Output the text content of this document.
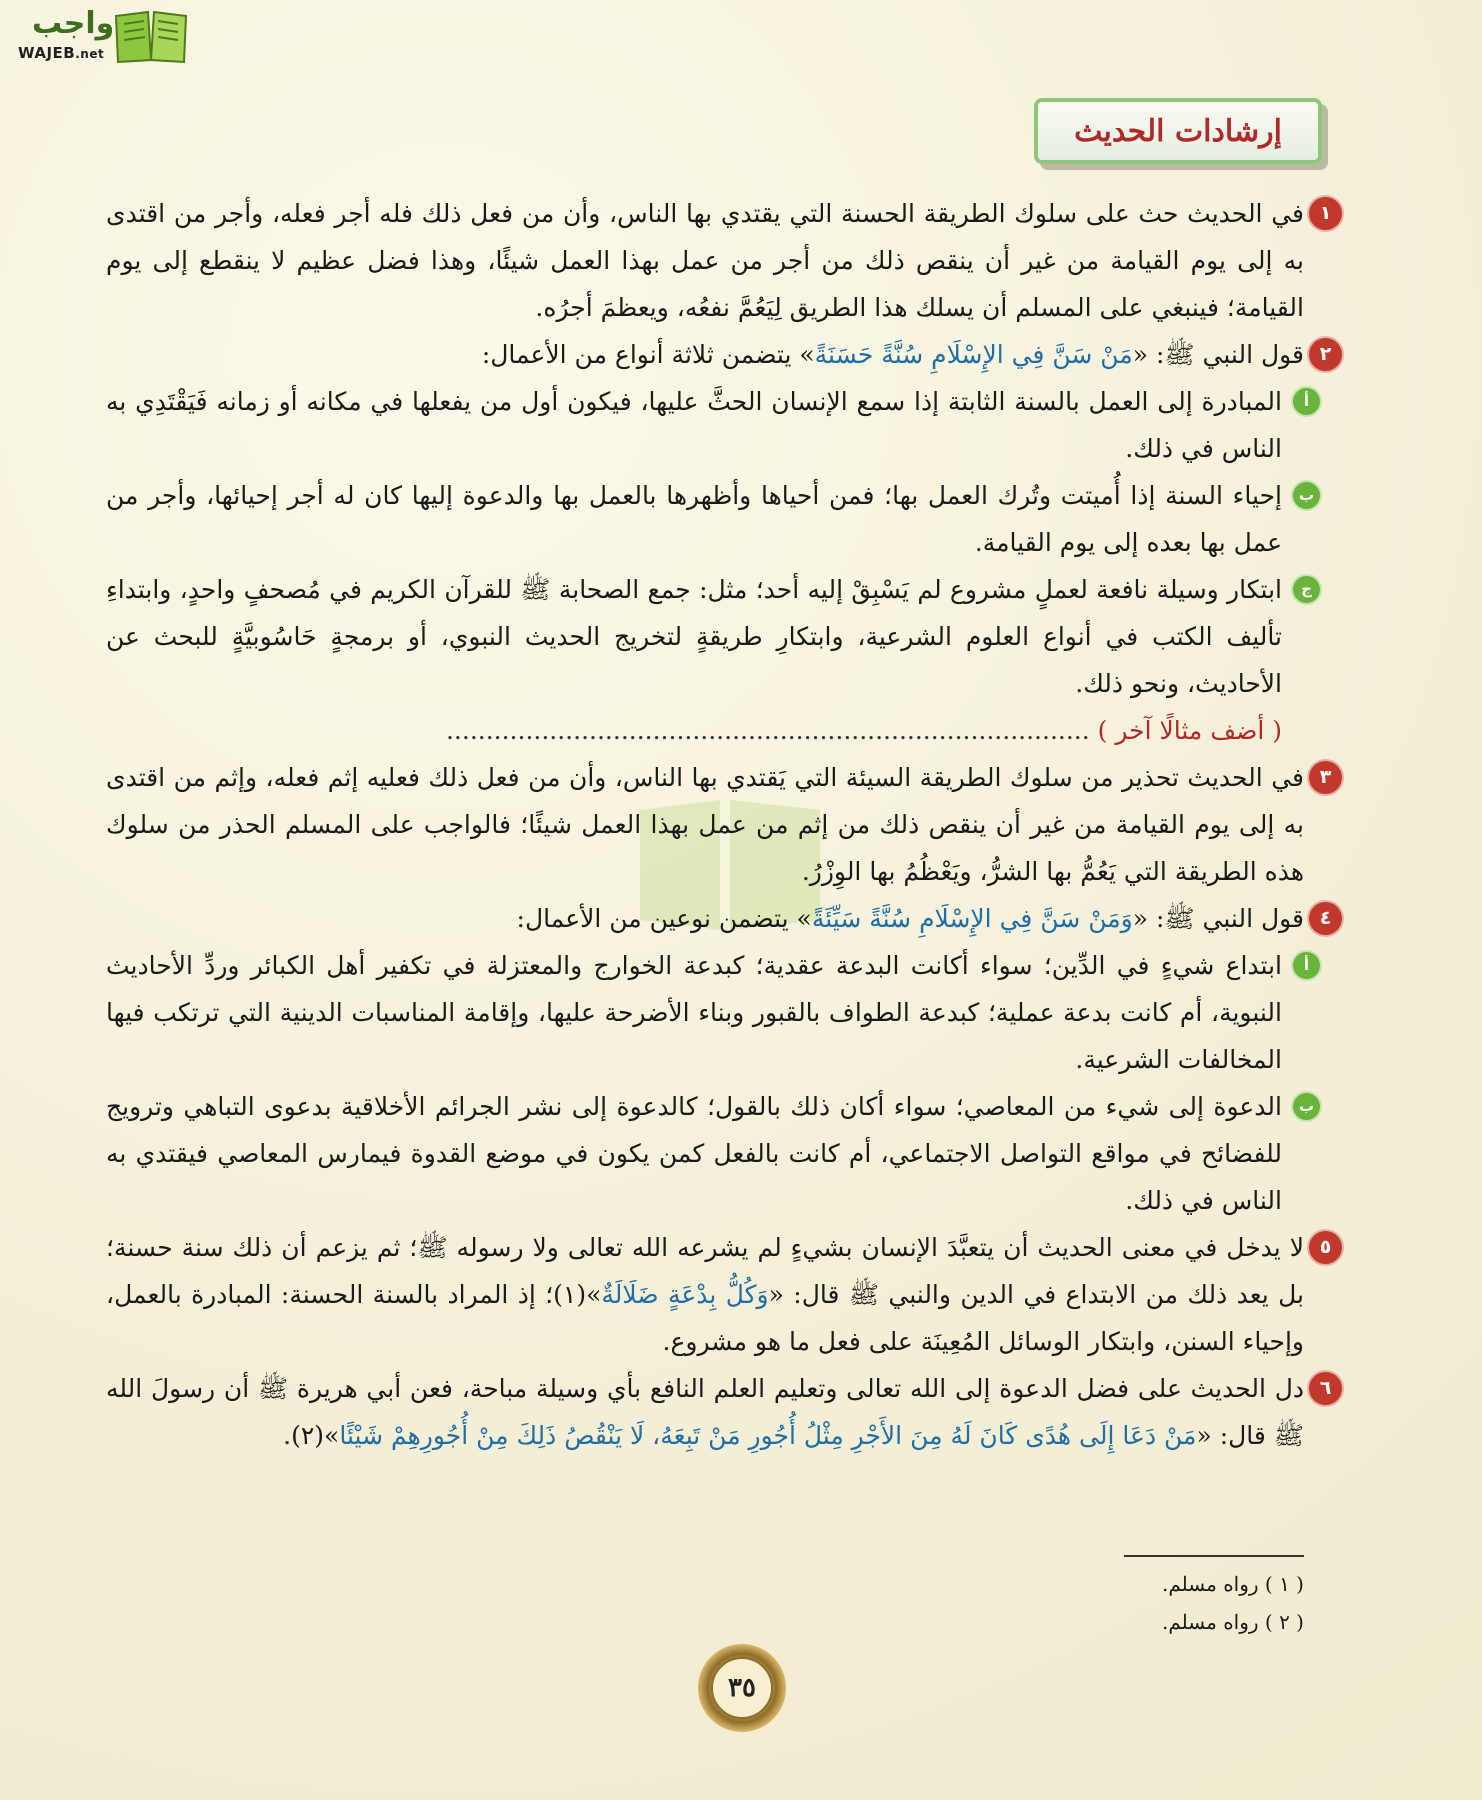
واجب
WAJEB.net
إرشادات الحديث
١

في الحديث حث على سلوك الطريقة الحسنة التي يقتدي بها الناس، وأن من فعل ذلك فله أجر فعله، وأجر من اقتدى به إلى يوم القيامة من غير أن ينقص ذلك من أجر من عمل بهذا العمل شيئًا، وهذا فضل عظيم لا ينقطع إلى يوم القيامة؛ فينبغي على المسلم أن يسلك هذا الطريق لِيَعُمَّ نفعُه، ويعظمَ أجرُه.

٢

قول النبي ﷺ: «مَنْ سَنَّ فِي الإِسْلَامِ سُنَّةً حَسَنَةً» يتضمن ثلاثة أنواع من الأعمال:

أ

المبادرة إلى العمل بالسنة الثابتة إذا سمع الإنسان الحثَّ عليها، فيكون أول من يفعلها في مكانه أو زمانه فَيَقْتَدِي به الناس في ذلك.

ب

إحياء السنة إذا أُميتت وتُرك العمل بها؛ فمن أحياها وأظهرها بالعمل بها والدعوة إليها كان له أجر إحيائها، وأجر من عمل بها بعده إلى يوم القيامة.

ج

ابتكار وسيلة نافعة لعملٍ مشروع لم يَسْبِقْ إليه أحد؛ مثل: جمع الصحابة ﷺ للقرآن الكريم في مُصحفٍ واحدٍ، وابتداءِ تأليف الكتب في أنواع العلوم الشرعية، وابتكارِ طريقةٍ لتخريج الحديث النبوي، أو برمجةٍ حَاسُوبيَّةٍ للبحث عن الأحاديث، ونحو ذلك.

( أضف مثالًا آخر ) .................................................................................

٣

في الحديث تحذير من سلوك الطريقة السيئة التي يَقتدي بها الناس، وأن من فعل ذلك فعليه إثم فعله، وإثم من اقتدى به إلى يوم القيامة من غير أن ينقص ذلك من إثم من عمل بهذا العمل شيئًا؛ فالواجب على المسلم الحذر من سلوك هذه الطريقة التي يَعُمُّ بها الشرُّ، ويَعْظُمُ بها الوِزْرُ.

٤

قول النبي ﷺ: «وَمَنْ سَنَّ فِي الإِسْلَامِ سُنَّةً سَيِّئَةً» يتضمن نوعين من الأعمال:

أ

ابتداع شيءٍ في الدِّين؛ سواء أكانت البدعة عقدية؛ كبدعة الخوارج والمعتزلة في تكفير أهل الكبائر وردِّ الأحاديث النبوية، أم كانت بدعة عملية؛ كبدعة الطواف بالقبور وبناء الأضرحة عليها، وإقامة المناسبات الدينية التي ترتكب فيها المخالفات الشرعية.

ب

الدعوة إلى شيء من المعاصي؛ سواء أكان ذلك بالقول؛ كالدعوة إلى نشر الجرائم الأخلاقية بدعوى التباهي وترويج للفضائح في مواقع التواصل الاجتماعي، أم كانت بالفعل كمن يكون في موضع القدوة فيمارس المعاصي فيقتدي به الناس في ذلك.

٥

لا يدخل في معنى الحديث أن يتعبَّدَ الإنسان بشيءٍ لم يشرعه الله تعالى ولا رسوله ﷺ؛ ثم يزعم أن ذلك سنة حسنة؛ بل يعد ذلك من الابتداع في الدين والنبي ﷺ قال: «وَكُلُّ بِدْعَةٍ ضَلَالَةٌ»(١)؛ إذ المراد بالسنة الحسنة: المبادرة بالعمل، وإحياء السنن، وابتكار الوسائل المُعِينَة على فعل ما هو مشروع.

٦

دل الحديث على فضل الدعوة إلى الله تعالى وتعليم العلم النافع بأي وسيلة مباحة، فعن أبي هريرة ﷺ أن رسولَ الله ﷺ قال: «مَنْ دَعَا إِلَى هُدًى كَانَ لَهُ مِنَ الأَجْرِ مِثْلُ أُجُورِ مَنْ تَبِعَهُ، لَا يَنْقُصُ ذَلِكَ مِنْ أُجُورِهِمْ شَيْئًا»(٢).

( ١ ) رواه مسلم.
( ٢ ) رواه مسلم.
٣٥
